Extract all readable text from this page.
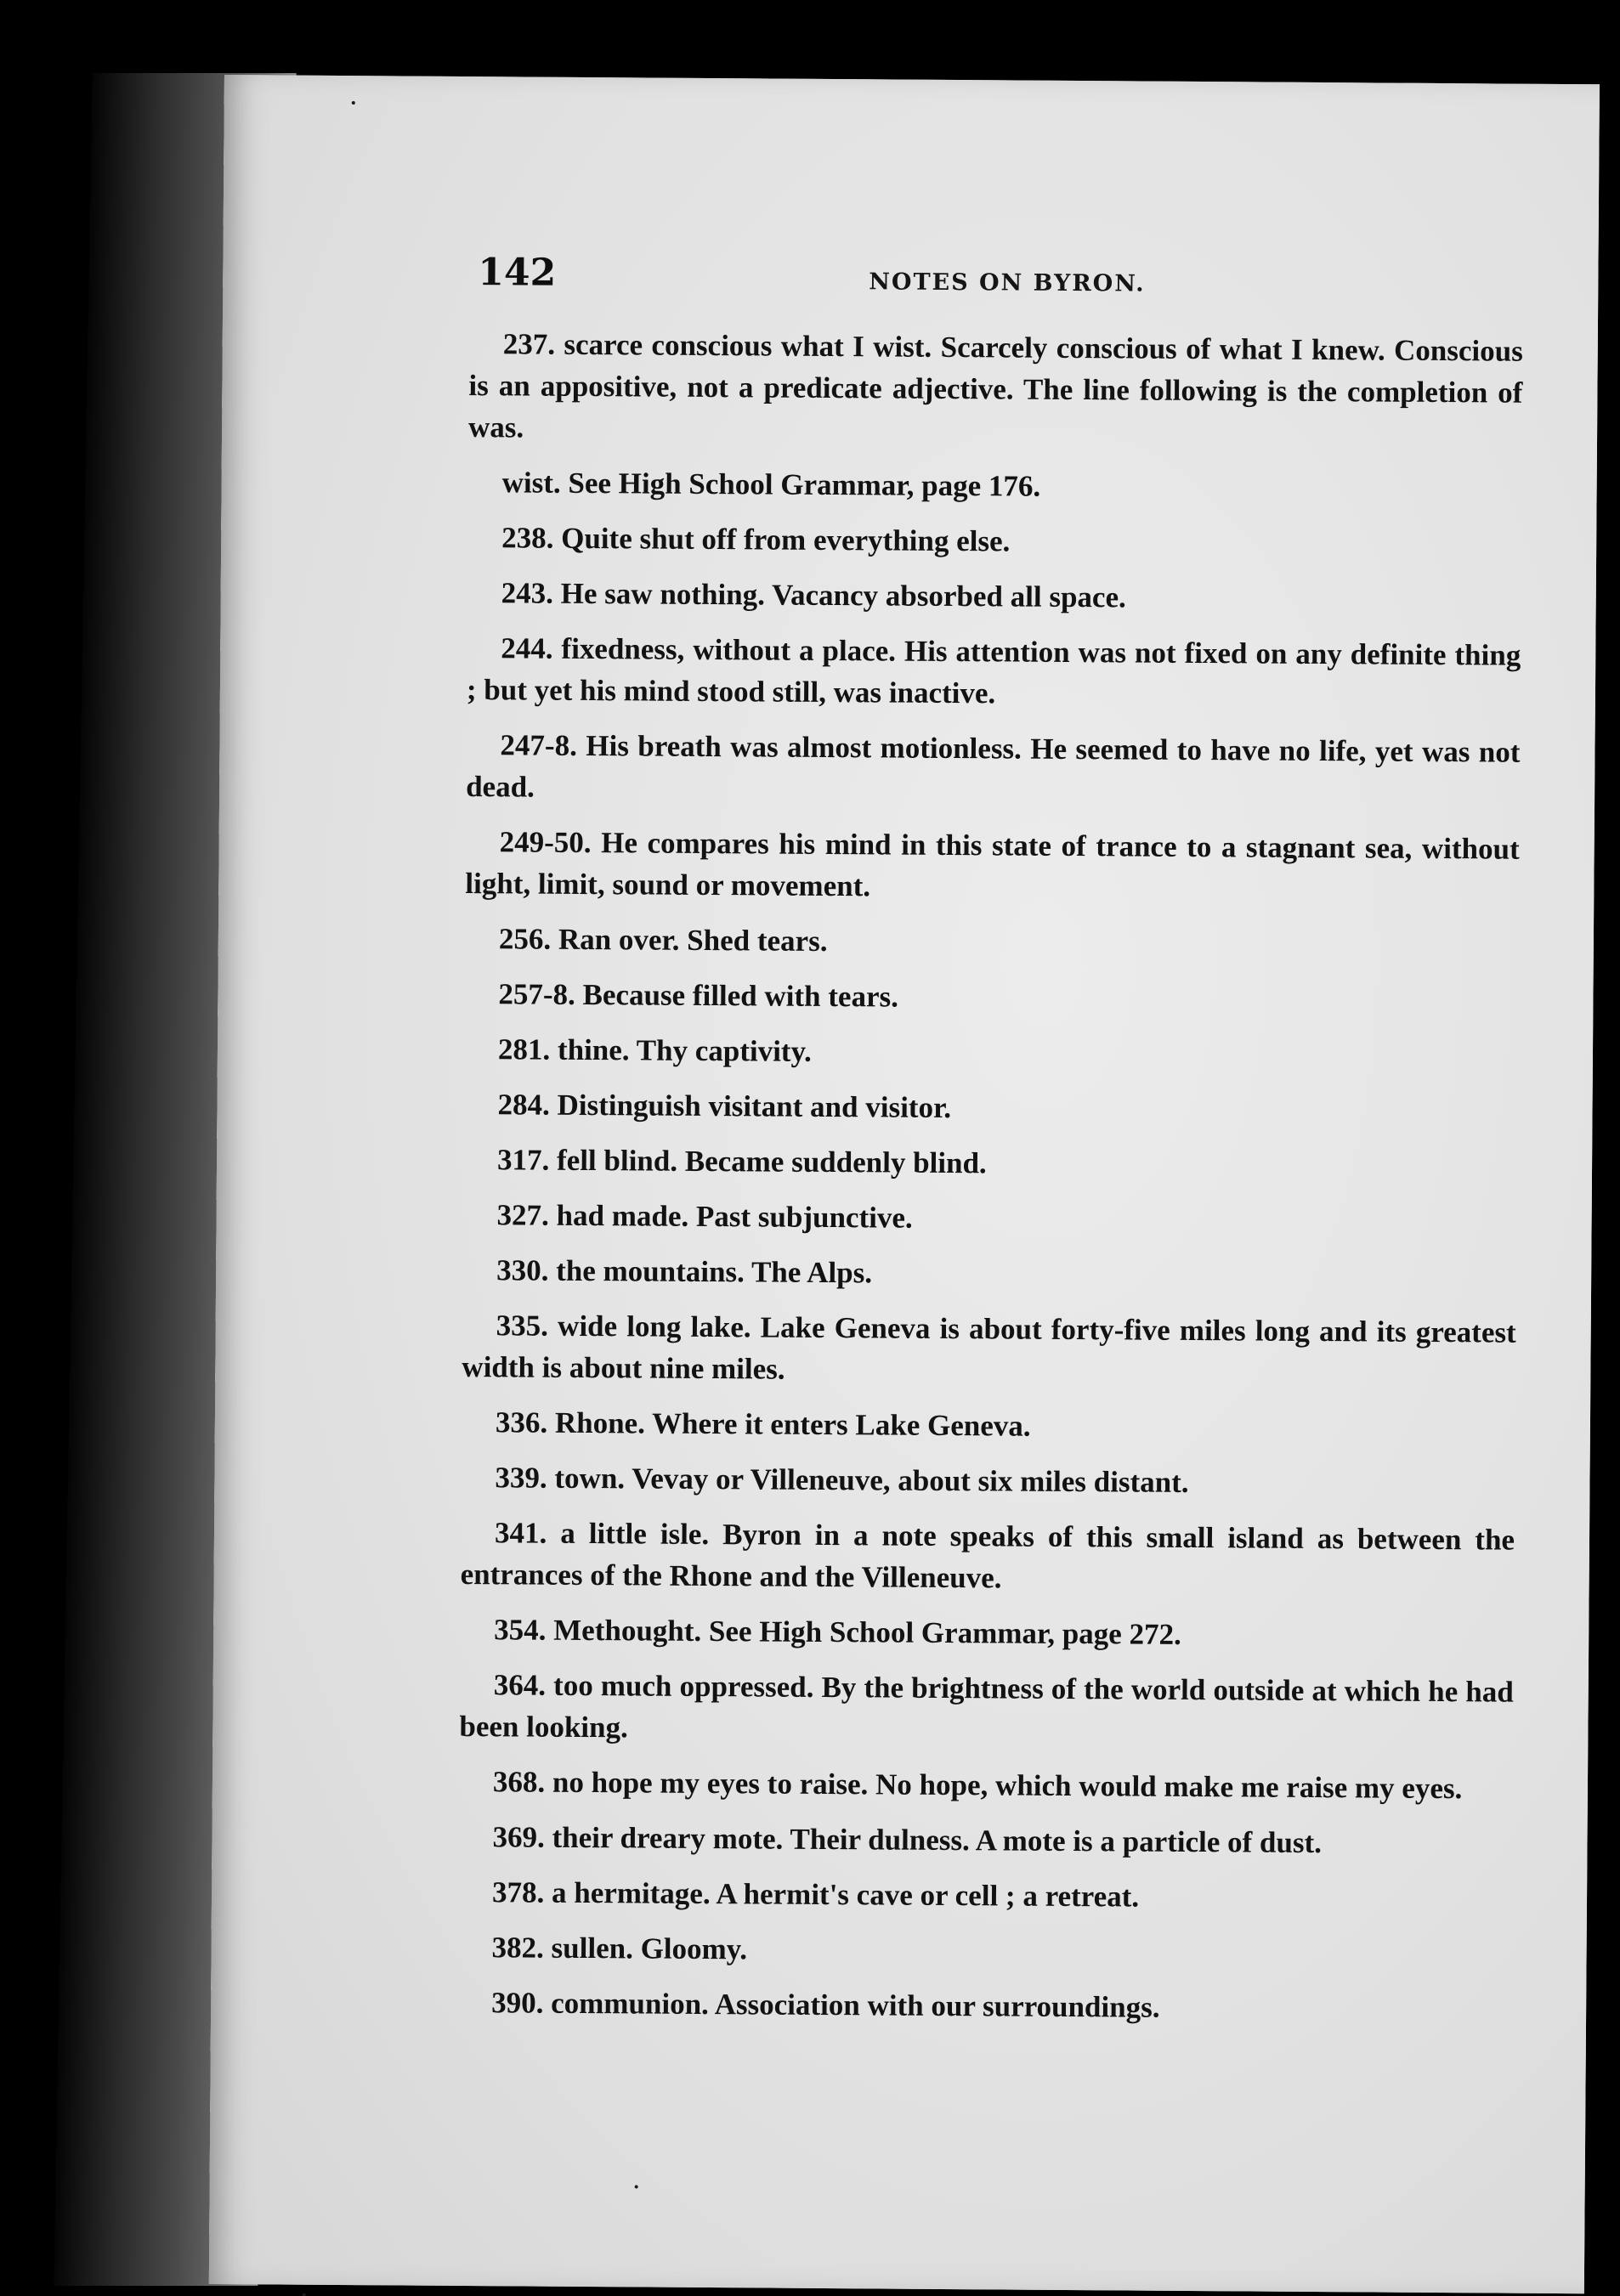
142	NOTES ON BYRON.

237. scarce conscious what I wist. Scarcely conscious of what I knew. Conscious is an appositive, not a predicate adjective. The line following is the completion of was.

wist. See High School Grammar, page 176.

238. Quite shut off from everything else.

243. He saw nothing. Vacancy absorbed all space.

244. fixedness, without a place. His attention was not fixed on any definite thing ; but yet his mind stood still, was inactive.

247-8. His breath was almost motionless. He seemed to have no life, yet was not dead.

249-50. He compares his mind in this state of trance to a stagnant sea, without light, limit, sound or movement.

256. Ran over. Shed tears.

257-8. Because filled with tears.

281. thine. Thy captivity.

284. Distinguish visitant and visitor.

317. fell blind. Became suddenly blind.

327. had made. Past subjunctive.

330. the mountains. The Alps.

335. wide long lake. Lake Geneva is about forty-five miles long and its greatest width is about nine miles.

336. Rhone. Where it enters Lake Geneva.

339. town. Vevay or Villeneuve, about six miles distant.

341. a little isle. Byron in a note speaks of this small island as between the entrances of the Rhone and the Villeneuve.

354. Methought. See High School Grammar, page 272.

364. too much oppressed. By the brightness of the world outside at which he had been looking.

368. no hope my eyes to raise. No hope, which would make me raise my eyes.

369. their dreary mote. Their dulness. A mote is a particle of dust.

378. a hermitage. A hermit's cave or cell ; a retreat.

382. sullen. Gloomy.

390. communion. Association with our surroundings.
